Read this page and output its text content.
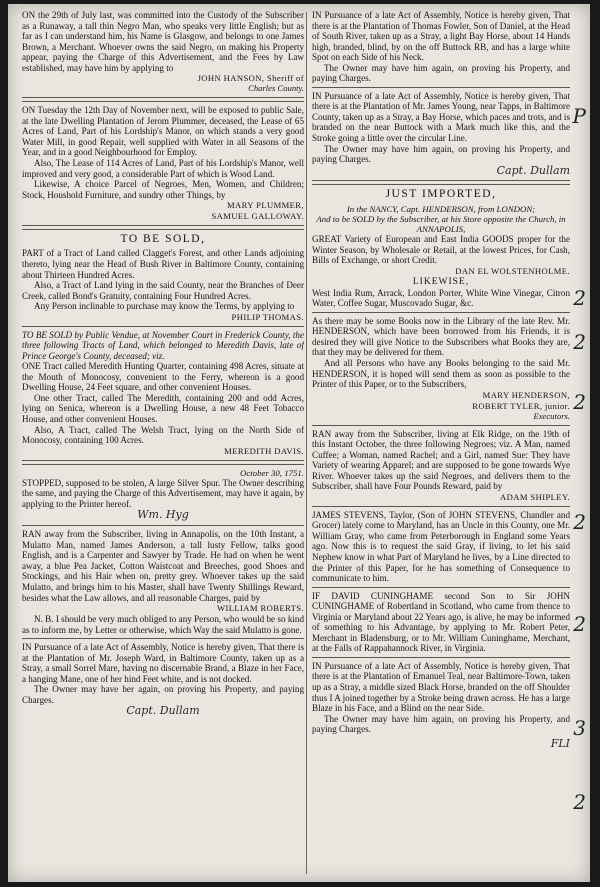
ON the 29th of July last, was committed into the Custody of the Subscriber as a Runaway, a tall thin Negro Man, who speaks very little English; but as far as I can understand him, his Name is Glasgow, and belongs to one James Brown, a Merchant. Whoever owns the said Negro, on making his Property appear, paying the Charge of this Advertisement, and the Fees by Law established, may have him by applying to

JOHN HANSON, Sheriff of
Charles County.

ON Tuesday the 12th Day of November next, will be exposed to public Sale, at the late Dwelling Plantation of Jerom Plummer, deceased, the Lease of 65 Acres of Land, Part of his Lordship's Manor, on which stands a very good Water Mill, in good Repair, well supplied with Water in all Seasons of the Year, and in a good Neighbourhood for Employ.

Also, The Lease of 114 Acres of Land, Part of his Lordship's Manor, well improved and very good, a considerable Part of which is Wood Land.

Likewise, A choice Parcel of Negroes, Men, Women, and Children; Stock, Houshold Furniture, and sundry other Things, by

MARY PLUMMER,
SAMUEL GALLOWAY.
TO BE SOLD,

PART of a Tract of Land called Clagget's Forest, and other Lands adjoining thereto, lying near the Head of Bush River in Baltimore County, containing about Thirteen Hundred Acres.

Also, a Tract of Land lying in the said County, near the Branches of Deer Creek, called Bond's Gratuity, containing Four Hundred Acres.

Any Person inclinable to purchase may know the Terms, by applying to

PHILIP THOMAS.

TO BE SOLD by Public Vendue, at November Court in Frederick County, the three following Tracts of Land, which belonged to Meredith Davis, late of Prince George's County, deceased; viz.

ONE Tract called Meredith Hunting Quarter, containing 498 Acres, situate at the Mouth of Monocosy, convenient to the Ferry, whereon is a good Dwelling House, 24 Feet square, and other convenient Houses.

One other Tract, called The Meredith, containing 200 and odd Acres, lying on Senica, whereon is a Dwelling House, a new 48 Feet Tobacco House, and other convenient Houses.

Also, A Tract, called The Welsh Tract, lying on the North Side of Monocosy, containing 100 Acres.

MEREDITH DAVIS.
October 30, 1751.

STOPPED, supposed to be stolen, A large Silver Spur. The Owner describing the same, and paying the Charge of this Advertisement, may have it again, by applying to the Printer hereof.

Wm. Hyg

RAN away from the Subscriber, living in Annapolis, on the 10th Instant, a Mulatto Man, named James Anderson, a tall lusty Fellow, talks good English, and is a Carpenter and Sawyer by Trade. He had on when he went away, a blue Pea Jacket, Cotton Waistcoat and Breeches, good Shoes and Stockings, and his Hair when on, pretty grey. Whoever takes up the said Mulatto, and brings him to his Master, shall have Twenty Shillings Reward, besides what the Law allows, and all reasonable Charges, paid by

WILLIAM ROBERTS.

N. B. I should be very much obliged to any Person, who would be so kind as to inform me, by Letter or otherwise, which Way the said Mulatto is gone.

IN Pursuance of a late Act of Assembly, Notice is hereby given, That there is at the Plantation of Mr. Joseph Ward, in Baltimore County, taken up as a Stray, a small Sorrel Mare, having no discernable Brand, a Blaze in her Face, a hanging Mane, one of her hind Feet white, and is not docked.

The Owner may have her again, on proving his Property, and paying Charges.

Capt. Dullam

IN Pursuance of a late Act of Assembly, Notice is hereby given, That there is at the Plantation of Thomas Fowler, Son of Daniel, at the Head of South River, taken up as a Stray, a light Bay Horse, about 14 Hands high, branded, blind, by on the off Buttock RB, and has a large white Spot on each Side of his Neck.

The Owner may have him again, on proving his Property, and paying Charges.

IN Pursuance of a late Act of Assembly, Notice is hereby given, That there is at the Plantation of Mr. James Young, near Tapps, in Baltimore County, taken up as a Stray, a Bay Horse, which paces and trots, and is branded on the near Buttock with a Mark much like this, and the Stroke going a little over the circular Line.

The Owner may have him again, on proving his Property, and paying Charges.

Capt. Dullam
JUST IMPORTED,
In the NANCY, Capt. HENDERSON, from LONDON;
And to be SOLD by the Subscriber, at his Store opposite the Church, in ANNAPOLIS,

GREAT Variety of European and East India GOODS proper for the Winter Season, by Wholesale or Retail, at the lowest Prices, for Cash, Bills of Exchange, or short Credit.

DAN EL WOLSTENHOLME.
LIKEWISE,

West India Rum, Arrack, London Porter, White Wine Vinegar, Citron Water, Coffee Sugar, Muscovado Sugar, &c.

As there may be some Books now in the Library of the late Rev. Mr. HENDERSON, which have been borrowed from his Friends, it is desired they will give Notice to the Subscribers what Books they are, that they may be delivered for them.

And all Persons who have any Books belonging to the said Mr. HENDERSON, it is hoped will send them as soon as possible to the Printer of this Paper, or to the Subscribers,

MARY HENDERSON,
ROBERT TYLER, junior.
Executors.

RAN away from the Subscriber, living at Elk Ridge, on the 19th of this Instant October, the three following Negroes; viz. A Man, named Cuffee; a Woman, named Rachel; and a Girl, named Sue: They have Variety of wearing Apparel; and are supposed to be gone towards Wye River. Whoever takes up the said Negroes, and delivers them to the Subscriber, shall have Four Pounds Reward, paid by

ADAM SHIPLEY.

JAMES STEVENS, Taylor, (Son of JOHN STEVENS, Chandler and Grocer) lately come to Maryland, has an Uncle in this County, one Mr. William Gray, who came from Peterborough in England some Years ago. Now this is to request the said Gray, if living, to let his said Nephew know in what Part of Maryland he lives, by a Line directed to the Printer of this Paper, for he has something of Consequence to communicate to him.

IF DAVID CUNINGHAME second Son to Sir JOHN CUNINGHAME of Robertland in Scotland, who came from thence to Virginia or Maryland about 22 Years ago, is alive, he may be informed of something to his Advantage, by applying to Mr. Robert Peter, Merchant in Bladensburg, or to Mr. William Cuninghame, Merchant, at the Falls of Rappahannock River, in Virginia.

IN Pursuance of a late Act of Assembly, Notice is hereby given, That there is at the Plantation of Emanuel Teal, near Baltimore-Town, taken up as a Stray, a middle sized Black Horse, branded on the off Shoulder thus I A joined together by a Stroke being drawn across. He has a large Blaze in his Face, and a Blind on the near Side.

The Owner may have him again, on proving his Property, and paying Charges.

FLI
P
2
2
2
2
2
3
2
